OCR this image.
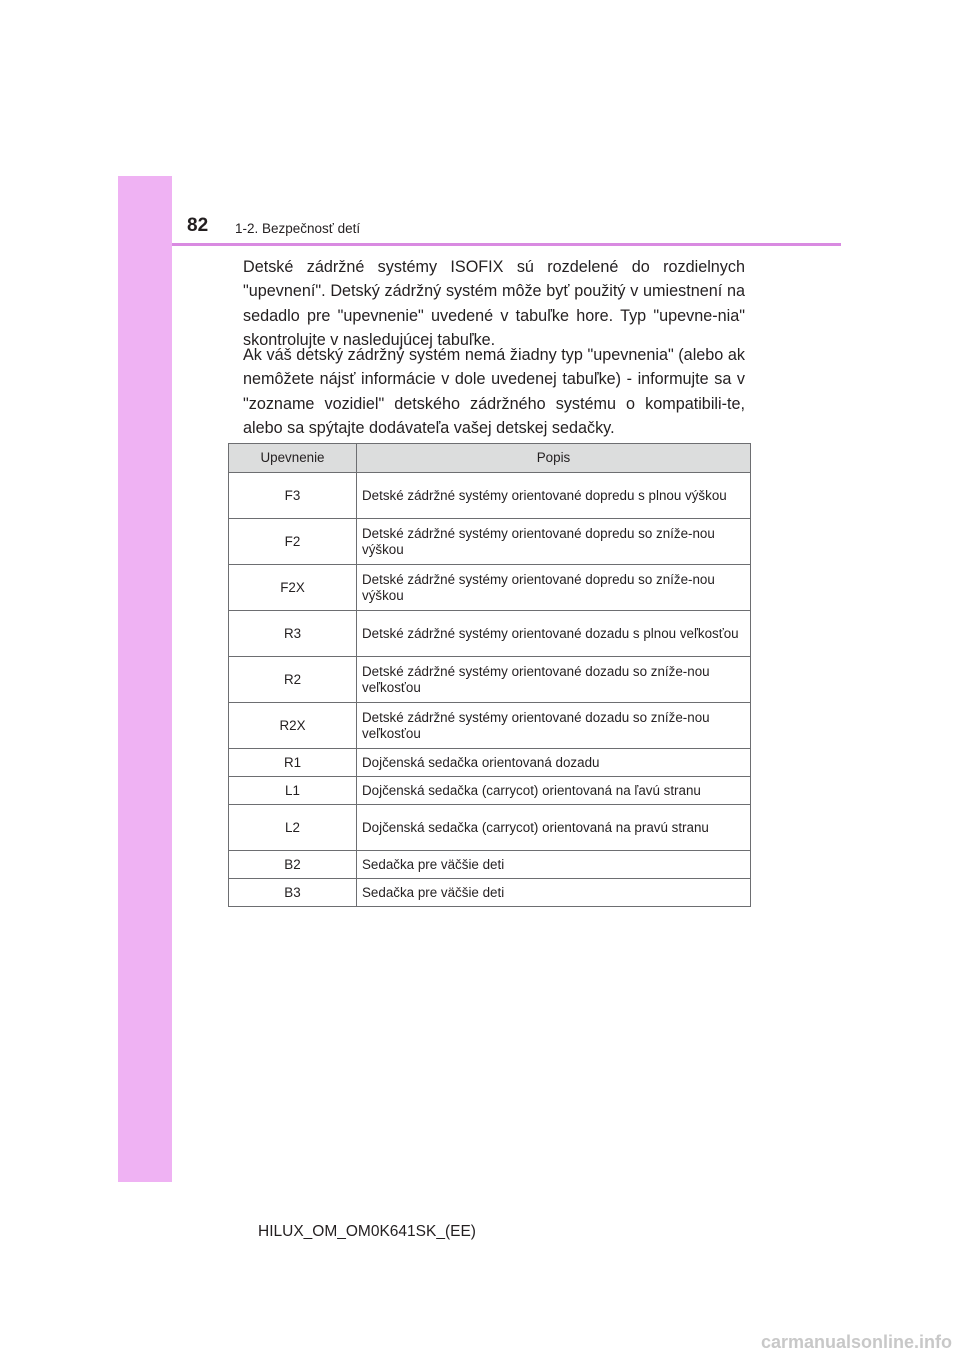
82 1-2. Bezpečnosť detí

Detské zádržné systémy ISOFIX sú rozdelené do rozdielnych "upevnení". Detský zádržný systém môže byť použitý v umiestnení na sedadlo pre "upevnenie" uvedené v tabuľke hore. Typ "upevne-nia" skontrolujte v nasledujúcej tabuľke.

Ak váš detský zádržný systém nemá žiadny typ "upevnenia" (alebo ak nemôžete nájsť informácie v dole uvedenej tabuľke) - informujte sa v "zozname vozidiel" detského zádržného systému o kompatibili-te, alebo sa spýtajte dodávateľa vašej detskej sedačky.

Upevnenie	Popis
F3	Detské zádržné systémy orientované dopredu s plnou výškou
F2	Detské zádržné systémy orientované dopredu so zníže-nou výškou
F2X	Detské zádržné systémy orientované dopredu so zníže-nou výškou
R3	Detské zádržné systémy orientované dozadu s plnou veľkosťou
R2	Detské zádržné systémy orientované dozadu so zníže-nou veľkosťou
R2X	Detské zádržné systémy orientované dozadu so zníže-nou veľkosťou
R1	Dojčenská sedačka orientovaná dozadu
L1	Dojčenská sedačka (carrycot) orientovaná na ľavú stranu
L2	Dojčenská sedačka (carrycot) orientovaná na pravú stranu
B2	Sedačka pre väčšie deti
B3	Sedačka pre väčšie deti
HILUX_OM_OM0K641SK_(EE)
carmanualsonline.info
